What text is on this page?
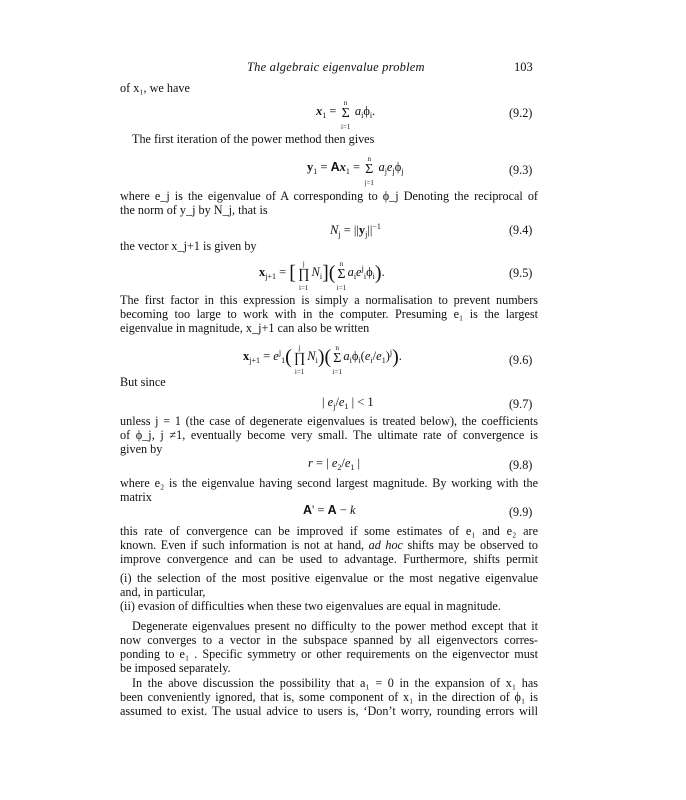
The algebraic eigenvalue problem	103
of x₁, we have
$x_1 = \Sigma$
n
i=1
$a_i\phi_i$.	(9.2)
The first iteration of the power method then gives
$y_1 = Ax_1 = \Sigma$
n
j=1
$a_je_j\phi_j$	(9.3)
where e_j is the eigenvalue of A corresponding to ϕ_j Denoting the reciprocal of
the norm of y_j by N_j, that is
$N_j = ||y_j||^{-1}$	(9.4)
the vector x_j+1 is given by
$x_{j+1}$ = [ ∏
j
i=1
$N_i$]( Σ
n
i=1
$a_ie^j_i\phi_i$).	(9.5)
The first factor in this expression is simply a normalisation to prevent numbers
becoming too large to work with in the computer. Presuming e₁ is the largest
eigenvalue in magnitude, x_j+1 can also be written
$x_{j+1} = e^j_1$( ∏
j
i=1
$N_i$)( Σ
n
i=1
$a_i\phi_i(e_i/e_1)^j$).	(9.6)
But since
| $e_j/e_1$ | < 1	(9.7)
unless j = 1 (the case of degenerate eigenvalues is treated below), the coefficients
of ϕ_j, j ≠1, eventually become very small. The ultimate rate of convergence is
given by
r = | $e_2/e_1$ |	(9.8)
where e₂ is the eigenvalue having second largest magnitude. By working with the
matrix
A' = A − k	(9.9)
this rate of convergence can be improved if some estimates of e₁ and e₂ are
known. Even if such information is not at hand, ad hoc shifts may be observed to
improve convergence and can be used to advantage. Furthermore, shifts permit
(i) the selection of the most positive eigenvalue or the most negative eigenvalue
and, in particular,
(ii) evasion of difficulties when these two eigenvalues are equal in magnitude.
Degenerate eigenvalues present no difficulty to the power method except that it
now converges to a vector in the subspace spanned by all eigenvectors corres-
ponding to e₁ . Specific symmetry or other requirements on the eigenvector must
be imposed separately.
In the above discussion the possibility that a₁ = 0 in the expansion of x₁ has
been conveniently ignored, that is, some component of x₁ in the direction of ϕ₁ is
assumed to exist. The usual advice to users is, ‘Don’t worry, rounding errors will
